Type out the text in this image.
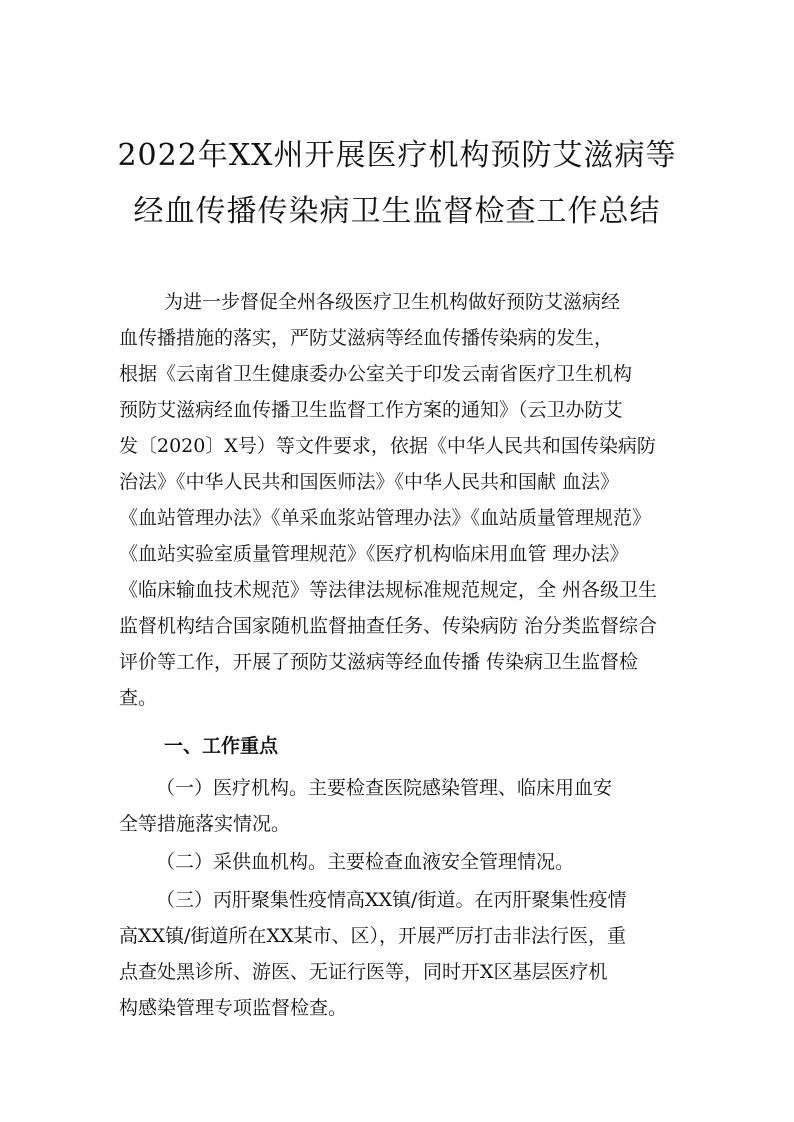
2022年XX州开展医疗机构预防艾滋病等
经血传播传染病卫生监督检查工作总结

为进一步督促全州各级医疗卫生机构做好预防艾滋病经

血传播措施的落实，严防艾滋病等经血传播传染病的发生，

根据《云南省卫生健康委办公室关于印发云南省医疗卫生机构

预防艾滋病经血传播卫生监督工作方案的通知》（云卫办防艾

发〔2020〕X号）等文件要求，依据《中华人民共和国传染病防

治法》《中华人民共和国医师法》《中华人民共和国献 血法》

《血站管理办法》《单采血浆站管理办法》《血站质量管理规范》

《血站实验室质量管理规范》《医疗机构临床用血管 理办法》

《临床输血技术规范》等法律法规标准规范规定，全 州各级卫生

监督机构结合国家随机监督抽查任务、传染病防 治分类监督综合

评价等工作，开展了预防艾滋病等经血传播 传染病卫生监督检

查。

一、工作重点

（一）医疗机构。主要检查医院感染管理、临床用血安

全等措施落实情况。

（二）采供血机构。主要检查血液安全管理情况。

（三）丙肝聚集性疫情高XX镇/街道。在丙肝聚集性疫情

高XX镇/街道所在XX某市、区），开展严厉打击非法行医，重

点查处黑诊所、游医、无证行医等，同时开X区基层医疗机

构感染管理专项监督检查。
